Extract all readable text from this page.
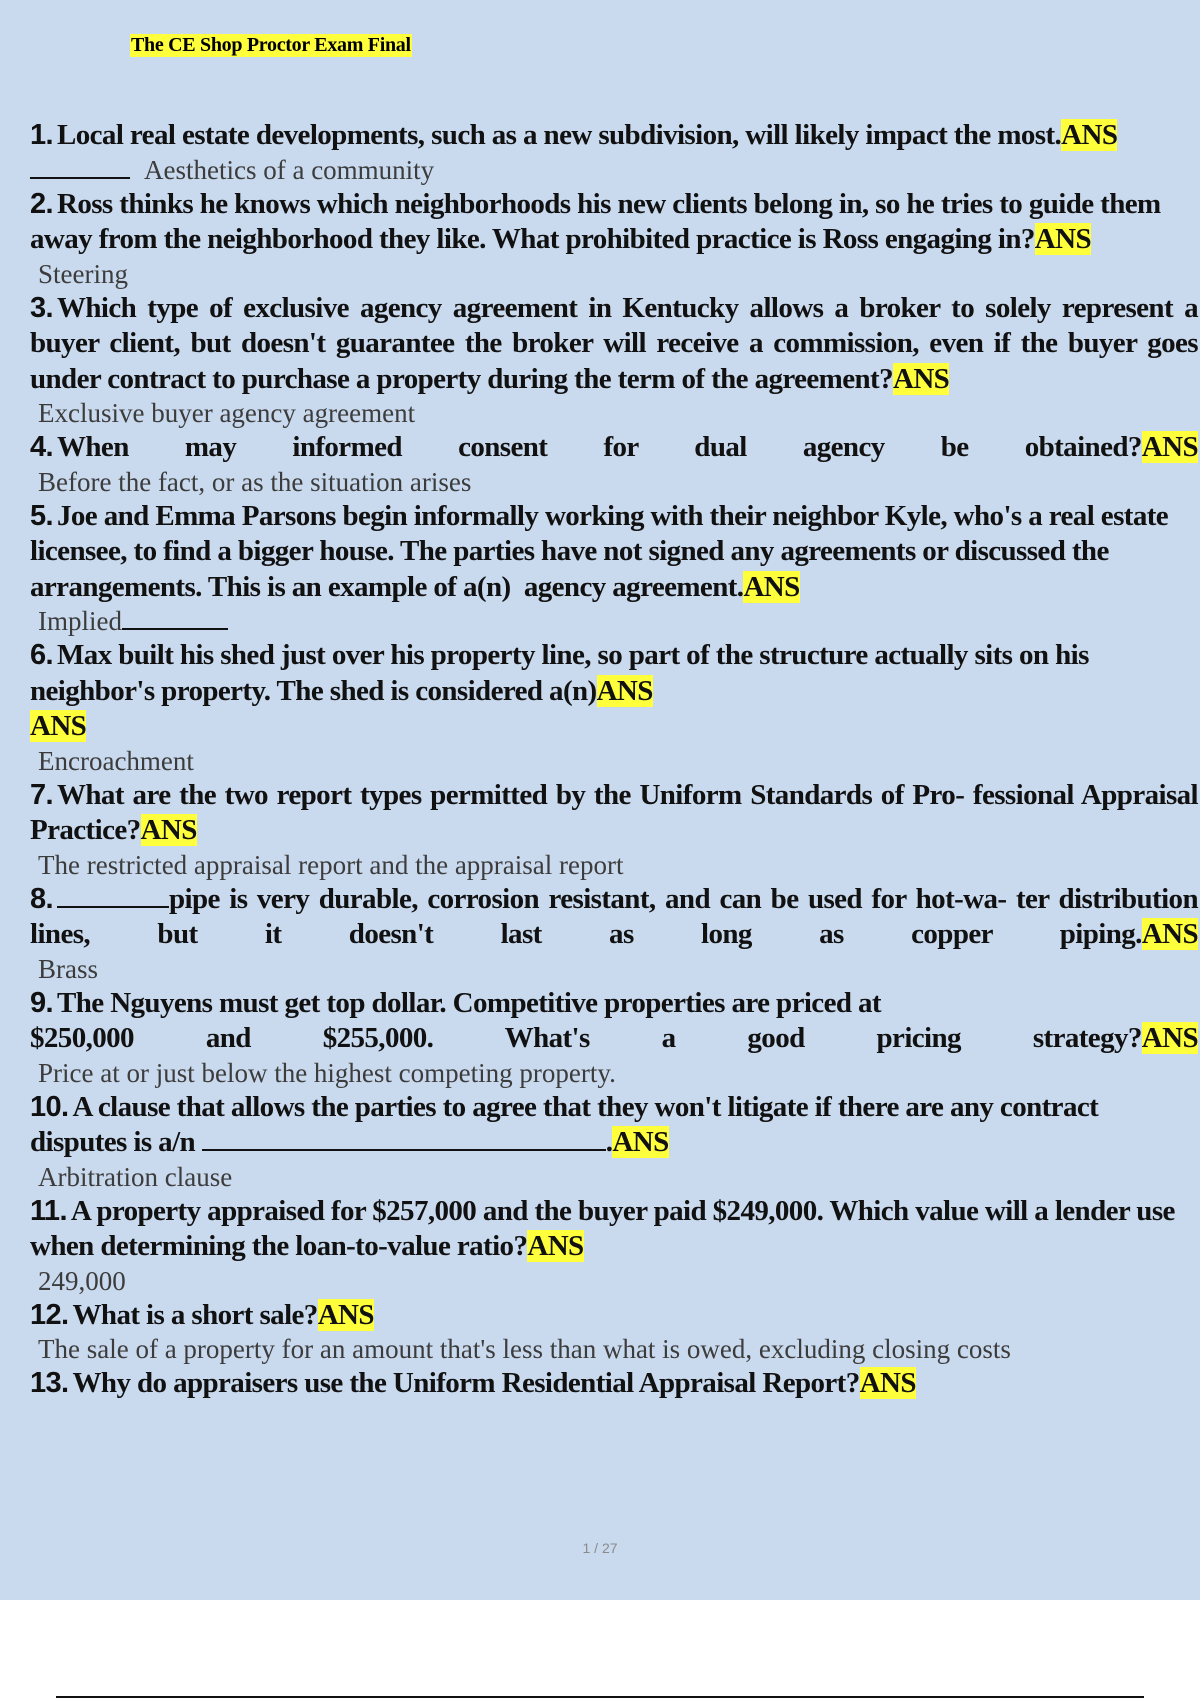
The CE Shop Proctor Exam Final
1. Local real estate developments, such as a new subdivision, will likely impact the most.ANS
Aesthetics of a community
2. Ross thinks he knows which neighborhoods his new clients belong in, so he tries to guide them away from the neighborhood they like. What prohibited practice is Ross engaging in?ANS
Steering
3. Which type of exclusive agency agreement in Kentucky allows a broker to solely represent a buyer client, but doesn't guarantee the broker will receive a commission, even if the buyer goes under contract to purchase a property during the term of the agreement?ANS
Exclusive buyer agency agreement
4. When may informed consent for dual agency be obtained?ANS
Before the fact, or as the situation arises
5. Joe and Emma Parsons begin informally working with their neighbor Kyle, who's a real estate licensee, to find a bigger house. The parties have not signed any agreements or discussed the arrangements. This is an example of a(n) agency agreement.ANS
Implied
6. Max built his shed just over his property line, so part of the structure actually sits on his neighbor's property. The shed is considered a(n)ANS
ANS
Encroachment
7. What are the two report types permitted by the Uniform Standards of Pro- fessional Appraisal Practice?ANS
The restricted appraisal report and the appraisal report
8.	pipe is very durable, corrosion resistant, and can be used for hot-wa- ter distribution lines, but it doesn't last as long as copper piping.ANS
Brass
9. The Nguyens must get top dollar. Competitive properties are priced at
$250,000 and $255,000. What's a good pricing strategy?ANS
Price at or just below the highest competing property.
10. A clause that allows the parties to agree that they won't litigate if there are any contract disputes is a/n	.ANS
Arbitration clause
11. A property appraised for $257,000 and the buyer paid $249,000. Which value will a lender use when determining the loan-to-value ratio?ANS
249,000
12. What is a short sale?ANS
The sale of a property for an amount that's less than what is owed, excluding closing costs
13. Why do appraisers use the Uniform Residential Appraisal Report?ANS
1 / 27
